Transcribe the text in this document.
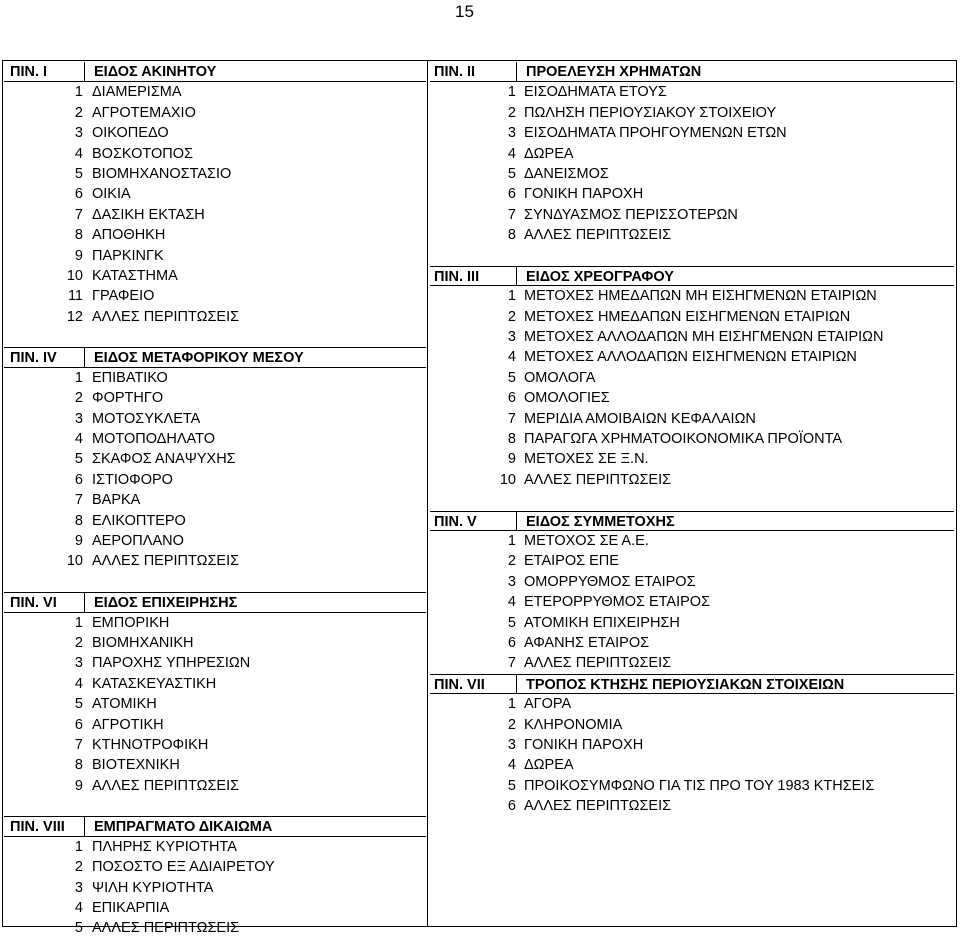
15
ΠΙΝ. Ι	ΕΙΔΟΣ ΑΚΙΝΗΤΟΥ
1 ΔΙΑΜΕΡΙΣΜΑ
2 ΑΓΡΟΤΕΜΑΧΙΟ
3 ΟΙΚΟΠΕΔΟ
4 ΒΟΣΚΟΤΟΠΟΣ
5 ΒΙΟΜΗΧΑΝΟΣΤΑΣΙΟ
6 ΟΙΚΙΑ
7 ΔΑΣΙΚΗ ΕΚΤΑΣΗ
8 ΑΠΟΘΗΚΗ
9 ΠΑΡΚΙΝΓΚ
10 ΚΑΤΑΣΤΗΜΑ
11 ΓΡΑΦΕΙΟ
12 ΑΛΛΕΣ ΠΕΡΙΠΤΩΣΕΙΣ
ΠΙΝ. IV	ΕΙΔΟΣ ΜΕΤΑΦΟΡΙΚΟΥ ΜΕΣΟΥ
1 ΕΠΙΒΑΤΙΚΟ
2 ΦΟΡΤΗΓΟ
3 ΜΟΤΟΣΥΚΛΕΤΑ
4 ΜΟΤΟΠΟΔΗΛΑΤΟ
5 ΣΚΑΦΟΣ ΑΝΑΨΥΧΗΣ
6 ΙΣΤΙΟΦΟΡΟ
7 ΒΑΡΚΑ
8 ΕΛΙΚΟΠΤΕΡΟ
9 ΑΕΡΟΠΛΑΝΟ
10 ΑΛΛΕΣ ΠΕΡΙΠΤΩΣΕΙΣ
ΠΙΝ. VI	ΕΙΔΟΣ ΕΠΙΧΕΙΡΗΣΗΣ
1 ΕΜΠΟΡΙΚΗ
2 ΒΙΟΜΗΧΑΝΙΚΗ
3 ΠΑΡΟΧΗΣ ΥΠΗΡΕΣΙΩΝ
4 ΚΑΤΑΣΚΕΥΑΣΤΙΚΗ
5 ΑΤΟΜΙΚΗ
6 ΑΓΡΟΤΙΚΗ
7 ΚΤΗΝΟΤΡΟΦΙΚΗ
8 ΒΙΟΤΕΧΝΙΚΗ
9 ΑΛΛΕΣ ΠΕΡΙΠΤΩΣΕΙΣ
ΠΙΝ. VIII ΕΜΠΡΑΓΜΑΤΟ ΔΙΚΑΙΩΜΑ
1 ΠΛΗΡΗΣ ΚΥΡΙΟΤΗΤΑ
2 ΠΟΣΟΣΤΟ ΕΞ ΑΔΙΑΙΡΕΤΟΥ
3 ΨΙΛΗ ΚΥΡΙΟΤΗΤΑ
4 ΕΠΙΚΑΡΠΙΑ
5 ΑΛΛΕΣ ΠΕΡΙΠΤΩΣΕΙΣ
ΠΙΝ. II	ΠΡΟΕΛΕΥΣΗ ΧΡΗΜΑΤΩΝ
1 ΕΙΣΟΔΗΜΑΤΑ ΕΤΟΥΣ
2 ΠΩΛΗΣΗ ΠΕΡΙΟΥΣΙΑΚΟΥ ΣΤΟΙΧΕΙΟΥ
3 ΕΙΣΟΔΗΜΑΤΑ ΠΡΟΗΓΟΥΜΕΝΩΝ ΕΤΩΝ
4 ΔΩΡΕΑ
5 ΔΑΝΕΙΣΜΟΣ
6 ΓΟΝΙΚΗ ΠΑΡΟΧΗ
7 ΣΥΝΔΥΑΣΜΟΣ ΠΕΡΙΣΣΟΤΕΡΩΝ
8 ΑΛΛΕΣ ΠΕΡΙΠΤΩΣΕΙΣ
ΠΙΝ. III	ΕΙΔΟΣ ΧΡΕΟΓΡΑΦΟΥ
1 ΜΕΤΟΧΕΣ ΗΜΕΔΑΠΩΝ ΜΗ ΕΙΣΗΓΜΕΝΩΝ ΕΤΑΙΡΙΩΝ
2 ΜΕΤΟΧΕΣ ΗΜΕΔΑΠΩΝ ΕΙΣΗΓΜΕΝΩΝ ΕΤΑΙΡΙΩΝ
3 ΜΕΤΟΧΕΣ ΑΛΛΟΔΑΠΩΝ ΜΗ ΕΙΣΗΓΜΕΝΩΝ ΕΤΑΙΡΙΩΝ
4 ΜΕΤΟΧΕΣ ΑΛΛΟΔΑΠΩΝ ΕΙΣΗΓΜΕΝΩΝ ΕΤΑΙΡΙΩΝ
5 ΟΜΟΛΟΓΑ
6 ΟΜΟΛΟΓΙΕΣ
7 ΜΕΡΙΔΙΑ ΑΜΟΙΒΑΙΩΝ ΚΕΦΑΛΑΙΩΝ
8 ΠΑΡΑΓΩΓΑ ΧΡΗΜΑΤΟΟΙΚΟΝΟΜΙΚΑ ΠΡΟΪΟΝΤΑ
9 ΜΕΤΟΧΕΣ ΣΕ Ξ.Ν.
10 ΑΛΛΕΣ ΠΕΡΙΠΤΩΣΕΙΣ
ΠΙΝ. V	ΕΙΔΟΣ ΣΥΜΜΕΤΟΧΗΣ
1 ΜΕΤΟΧΟΣ ΣΕ Α.Ε.
2 ΕΤΑΙΡΟΣ ΕΠΕ
3 ΟΜΟΡΡΥΘΜΟΣ ΕΤΑΙΡΟΣ
4 ΕΤΕΡΟΡΡΥΘΜΟΣ ΕΤΑΙΡΟΣ
5 ΑΤΟΜΙΚΗ ΕΠΙΧΕΙΡΗΣΗ
6 ΑΦΑΝΗΣ ΕΤΑΙΡΟΣ
7 ΑΛΛΕΣ ΠΕΡΙΠΤΩΣΕΙΣ
ΠΙΝ. VII	ΤΡΟΠΟΣ ΚΤΗΣΗΣ ΠΕΡΙΟΥΣΙΑΚΩΝ ΣΤΟΙΧΕΙΩΝ
1 ΑΓΟΡΑ
2 ΚΛΗΡΟΝΟΜΙΑ
3 ΓΟΝΙΚΗ ΠΑΡΟΧΗ
4 ΔΩΡΕΑ
5 ΠΡΟΙΚΟΣΥΜΦΩΝΟ ΓΙΑ ΤΙΣ ΠΡΟ ΤΟΥ 1983 ΚΤΗΣΕΙΣ
6 ΑΛΛΕΣ ΠΕΡΙΠΤΩΣΕΙΣ
